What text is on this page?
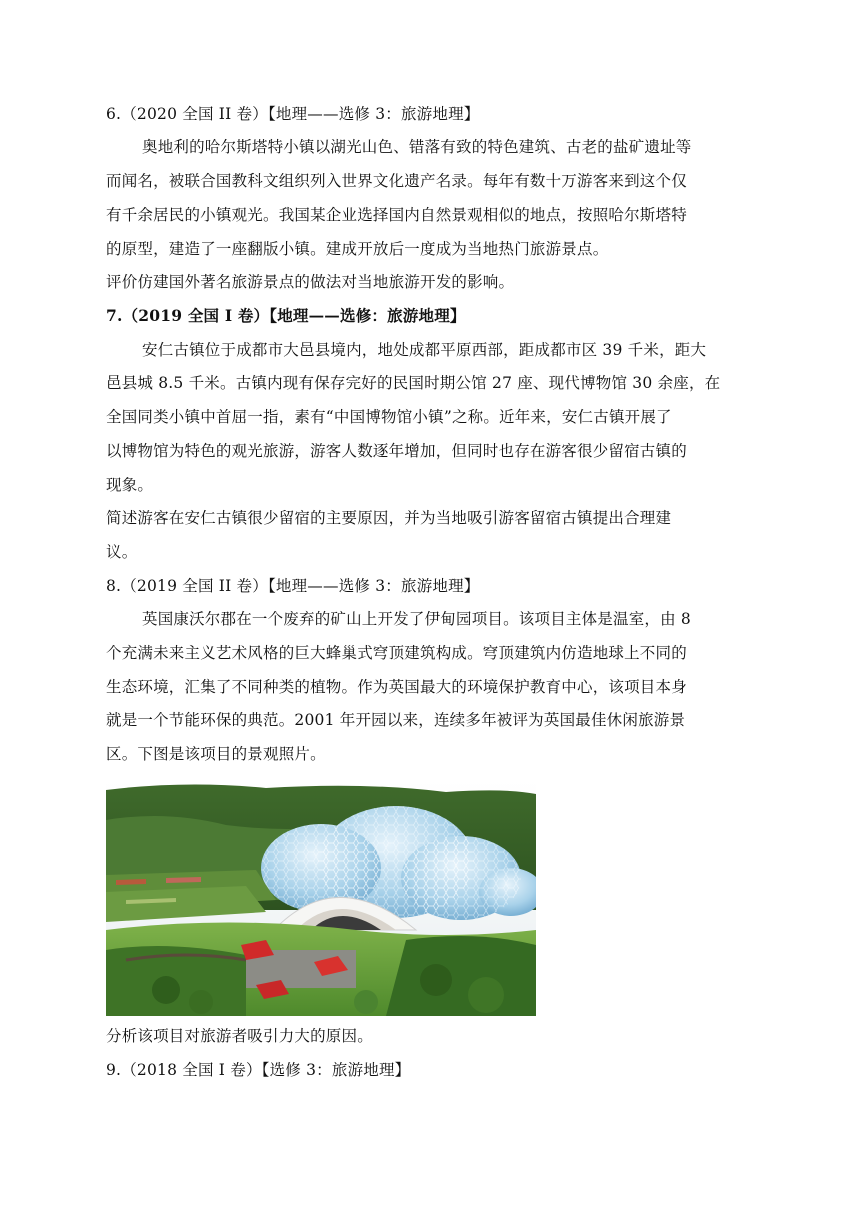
6.（2020 全国 II 卷）【地理——选修 3：旅游地理】
奥地利的哈尔斯塔特小镇以湖光山色、错落有致的特色建筑、古老的盐矿遗址等
而闻名，被联合国教科文组织列入世界文化遗产名录。每年有数十万游客来到这个仅
有千余居民的小镇观光。我国某企业选择国内自然景观相似的地点，按照哈尔斯塔特
的原型，建造了一座翻版小镇。建成开放后一度成为当地热门旅游景点。
评价仿建国外著名旅游景点的做法对当地旅游开发的影响。
7.（2019 全国 I 卷）【地理——选修：旅游地理】
安仁古镇位于成都市大邑县境内，地处成都平原西部，距成都市区 39 千米，距大
邑县城 8.5 千米。古镇内现有保存完好的民国时期公馆 27 座、现代博物馆 30 余座，在
全国同类小镇中首屈一指，素有“中国博物馆小镇”之称。近年来，安仁古镇开展了
以博物馆为特色的观光旅游，游客人数逐年增加，但同时也存在游客很少留宿古镇的
现象。
简述游客在安仁古镇很少留宿的主要原因，并为当地吸引游客留宿古镇提出合理建
议。
8.（2019 全国 II 卷）【地理——选修 3：旅游地理】
英国康沃尔郡在一个废弃的矿山上开发了伊甸园项目。该项目主体是温室，由 8
个充满未来主义艺术风格的巨大蜂巢式穹顶建筑构成。穹顶建筑内仿造地球上不同的
生态环境，汇集了不同种类的植物。作为英国最大的环境保护教育中心，该项目本身
就是一个节能环保的典范。2001 年开园以来，连续多年被评为英国最佳休闲旅游景
区。下图是该项目的景观照片。
分析该项目对旅游者吸引力大的原因。
9.（2018 全国 I 卷）【选修 3：旅游地理】
